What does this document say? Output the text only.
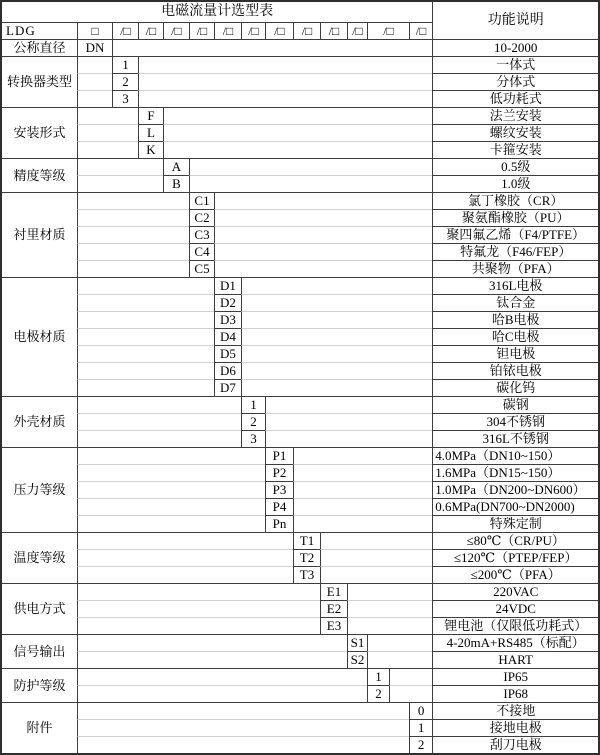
电磁流量计选型表															功能说明
LDG	□	/□	/□	/□	/□	/□	/□	/□	/□	/□	/□	/□		/□	
公称直径	DN														10-2000
转换器类型		1													一体式
		2													分体式
		3													低功耗式
安装形式			F												法兰安装
			L												螺纹安装
			K												卡箍安装
精度等级				A											0.5级
				B											1.0级
衬里材质					C1										氯丁橡胶（CR）
					C2										聚氨酯橡胶（PU）
					C3										聚四氟乙烯（F4/PTFE）
					C4										特氟龙（F46/FEP）
					C5										共聚物（PFA）
电极材质						D1									316L电极
						D2									钛合金
						D3									哈B电极
						D4									哈C电极
						D5									钽电极
						D6									铂铱电极
						D7									碳化钨
外壳材质							1								碳钢
							2								304不锈钢
							3								316L不锈钢
压力等级								P1							4.0MPa（DN10~150）
								P2							1.6MPa（DN15~150）
								P3							1.0MPa（DN200~DN600）
								P4							0.6MPa(DN700~DN2000)
								Pn							特殊定制
温度等级									T1						≤80℃（CR/PU）
									T2						≤120℃（PTEP/FEP）
									T3						≤200℃（PFA）
供电方式										E1					220VAC
										E2					24VDC
										E3					锂电池（仅限低功耗式）
信号输出											S1				4-20mA+RS485（标配）
											S2				HART
防护等级												1			IP65
												2			IP68
附件														0	不接地
														1	接地电极
														2	刮刀电极
